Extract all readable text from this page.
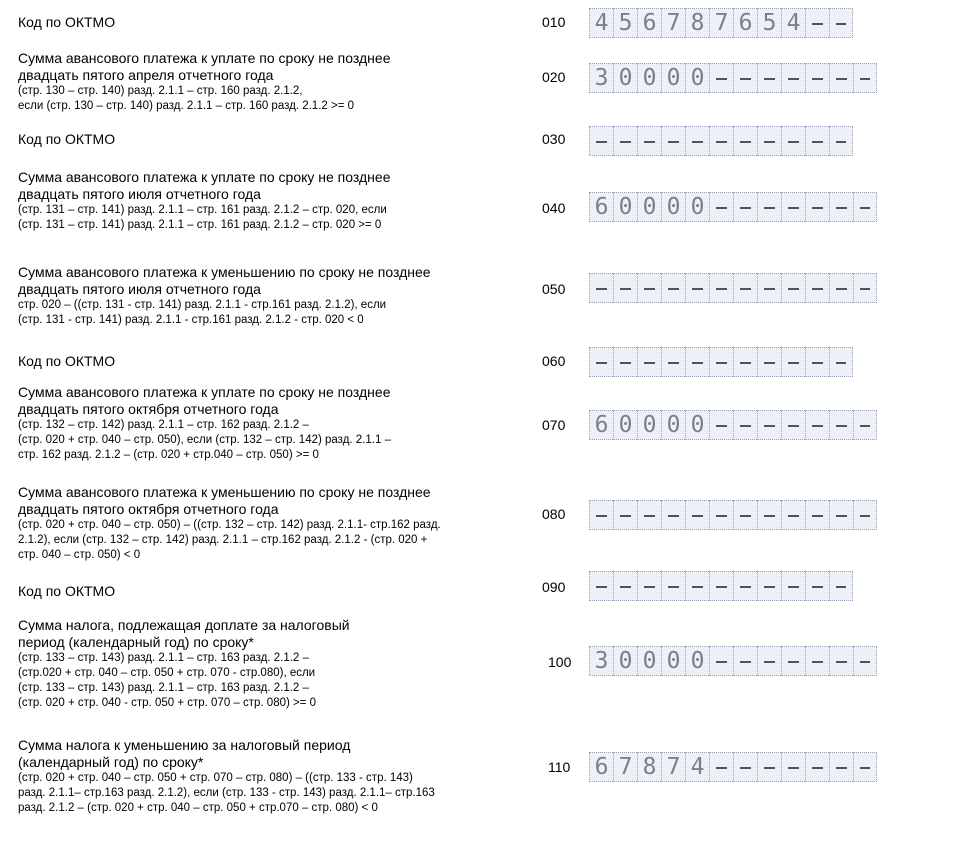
Код по ОКТМО	010 4 5 6 7 8 7 6 5 4
Сумма авансового платежа к уплате по сроку не позднее
двадцать пятого апреля отчетного года
(стр. 130 – стр. 140) разд. 2.1.1 – стр. 160 разд. 2.1.2,
если (стр. 130 – стр. 140) разд. 2.1.1 – стр. 160 разд. 2.1.2 >= 0
020 3 0 0 0 0
Код по ОКТМО	030
Сумма авансового платежа к уплате по сроку не позднее
двадцать пятого июля отчетного года
(стр. 131 – стр. 141) разд. 2.1.1 – стр. 161 разд. 2.1.2 – стр. 020, если
(стр. 131 – стр. 141) разд. 2.1.1 – стр. 161 разд. 2.1.2 – стр. 020 >= 0
040 6 0 0 0 0
Сумма авансового платежа к уменьшению по сроку не позднее
двадцать пятого июля отчетного года
стр. 020 – ((стр. 131 - стр. 141) разд. 2.1.1 - стр.161 разд. 2.1.2), если
(стр. 131 - стр. 141) разд. 2.1.1 - стр.161 разд. 2.1.2 - стр. 020 < 0
050
Код по ОКТМО	060
Сумма авансового платежа к уплате по сроку не позднее
двадцать пятого октября отчетного года
(стр. 132 – стр. 142) разд. 2.1.1 – стр. 162 разд. 2.1.2 –
(стр. 020 + стр. 040 – стр. 050), если (стр. 132 – стр. 142) разд. 2.1.1 –
стр. 162 разд. 2.1.2 – (стр. 020 + стр.040 – стр. 050) >= 0
070 6 0 0 0 0
Сумма авансового платежа к уменьшению по сроку не позднее
двадцать пятого октября отчетного года
(стр. 020 + стр. 040 – стр. 050) – ((стр. 132 – стр. 142) разд. 2.1.1- стр.162 разд.
2.1.2), если (стр. 132 – стр. 142) разд. 2.1.1 – стр.162 разд. 2.1.2 - (стр. 020 +
стр. 040 – стр. 050) < 0
080
Код по ОКТМО	090
Сумма налога, подлежащая доплате за налоговый
период (календарный год) по сроку*
(стр. 133 – стр. 143) разд. 2.1.1 – стр. 163 разд. 2.1.2 –
(стр.020 + стр. 040 – стр. 050 + стр. 070 - стр.080), если
(стр. 133 – стр. 143) разд. 2.1.1 – стр. 163 разд. 2.1.2 –
(стр. 020 + стр. 040 - стр. 050 + стр. 070 – стр. 080) >= 0
100 3 0 0 0 0
Сумма налога к уменьшению за налоговый период
(календарный год) по сроку*
(стр. 020 + стр. 040 – стр. 050 + стр. 070 – стр. 080) – ((стр. 133 - стр. 143)
разд. 2.1.1– стр.163 разд. 2.1.2), если (стр. 133 - стр. 143) разд. 2.1.1– стр.163
разд. 2.1.2 – (стр. 020 + стр. 040 – стр. 050 + стр.070 – стр. 080) < 0
110 6 7 8 7 4
